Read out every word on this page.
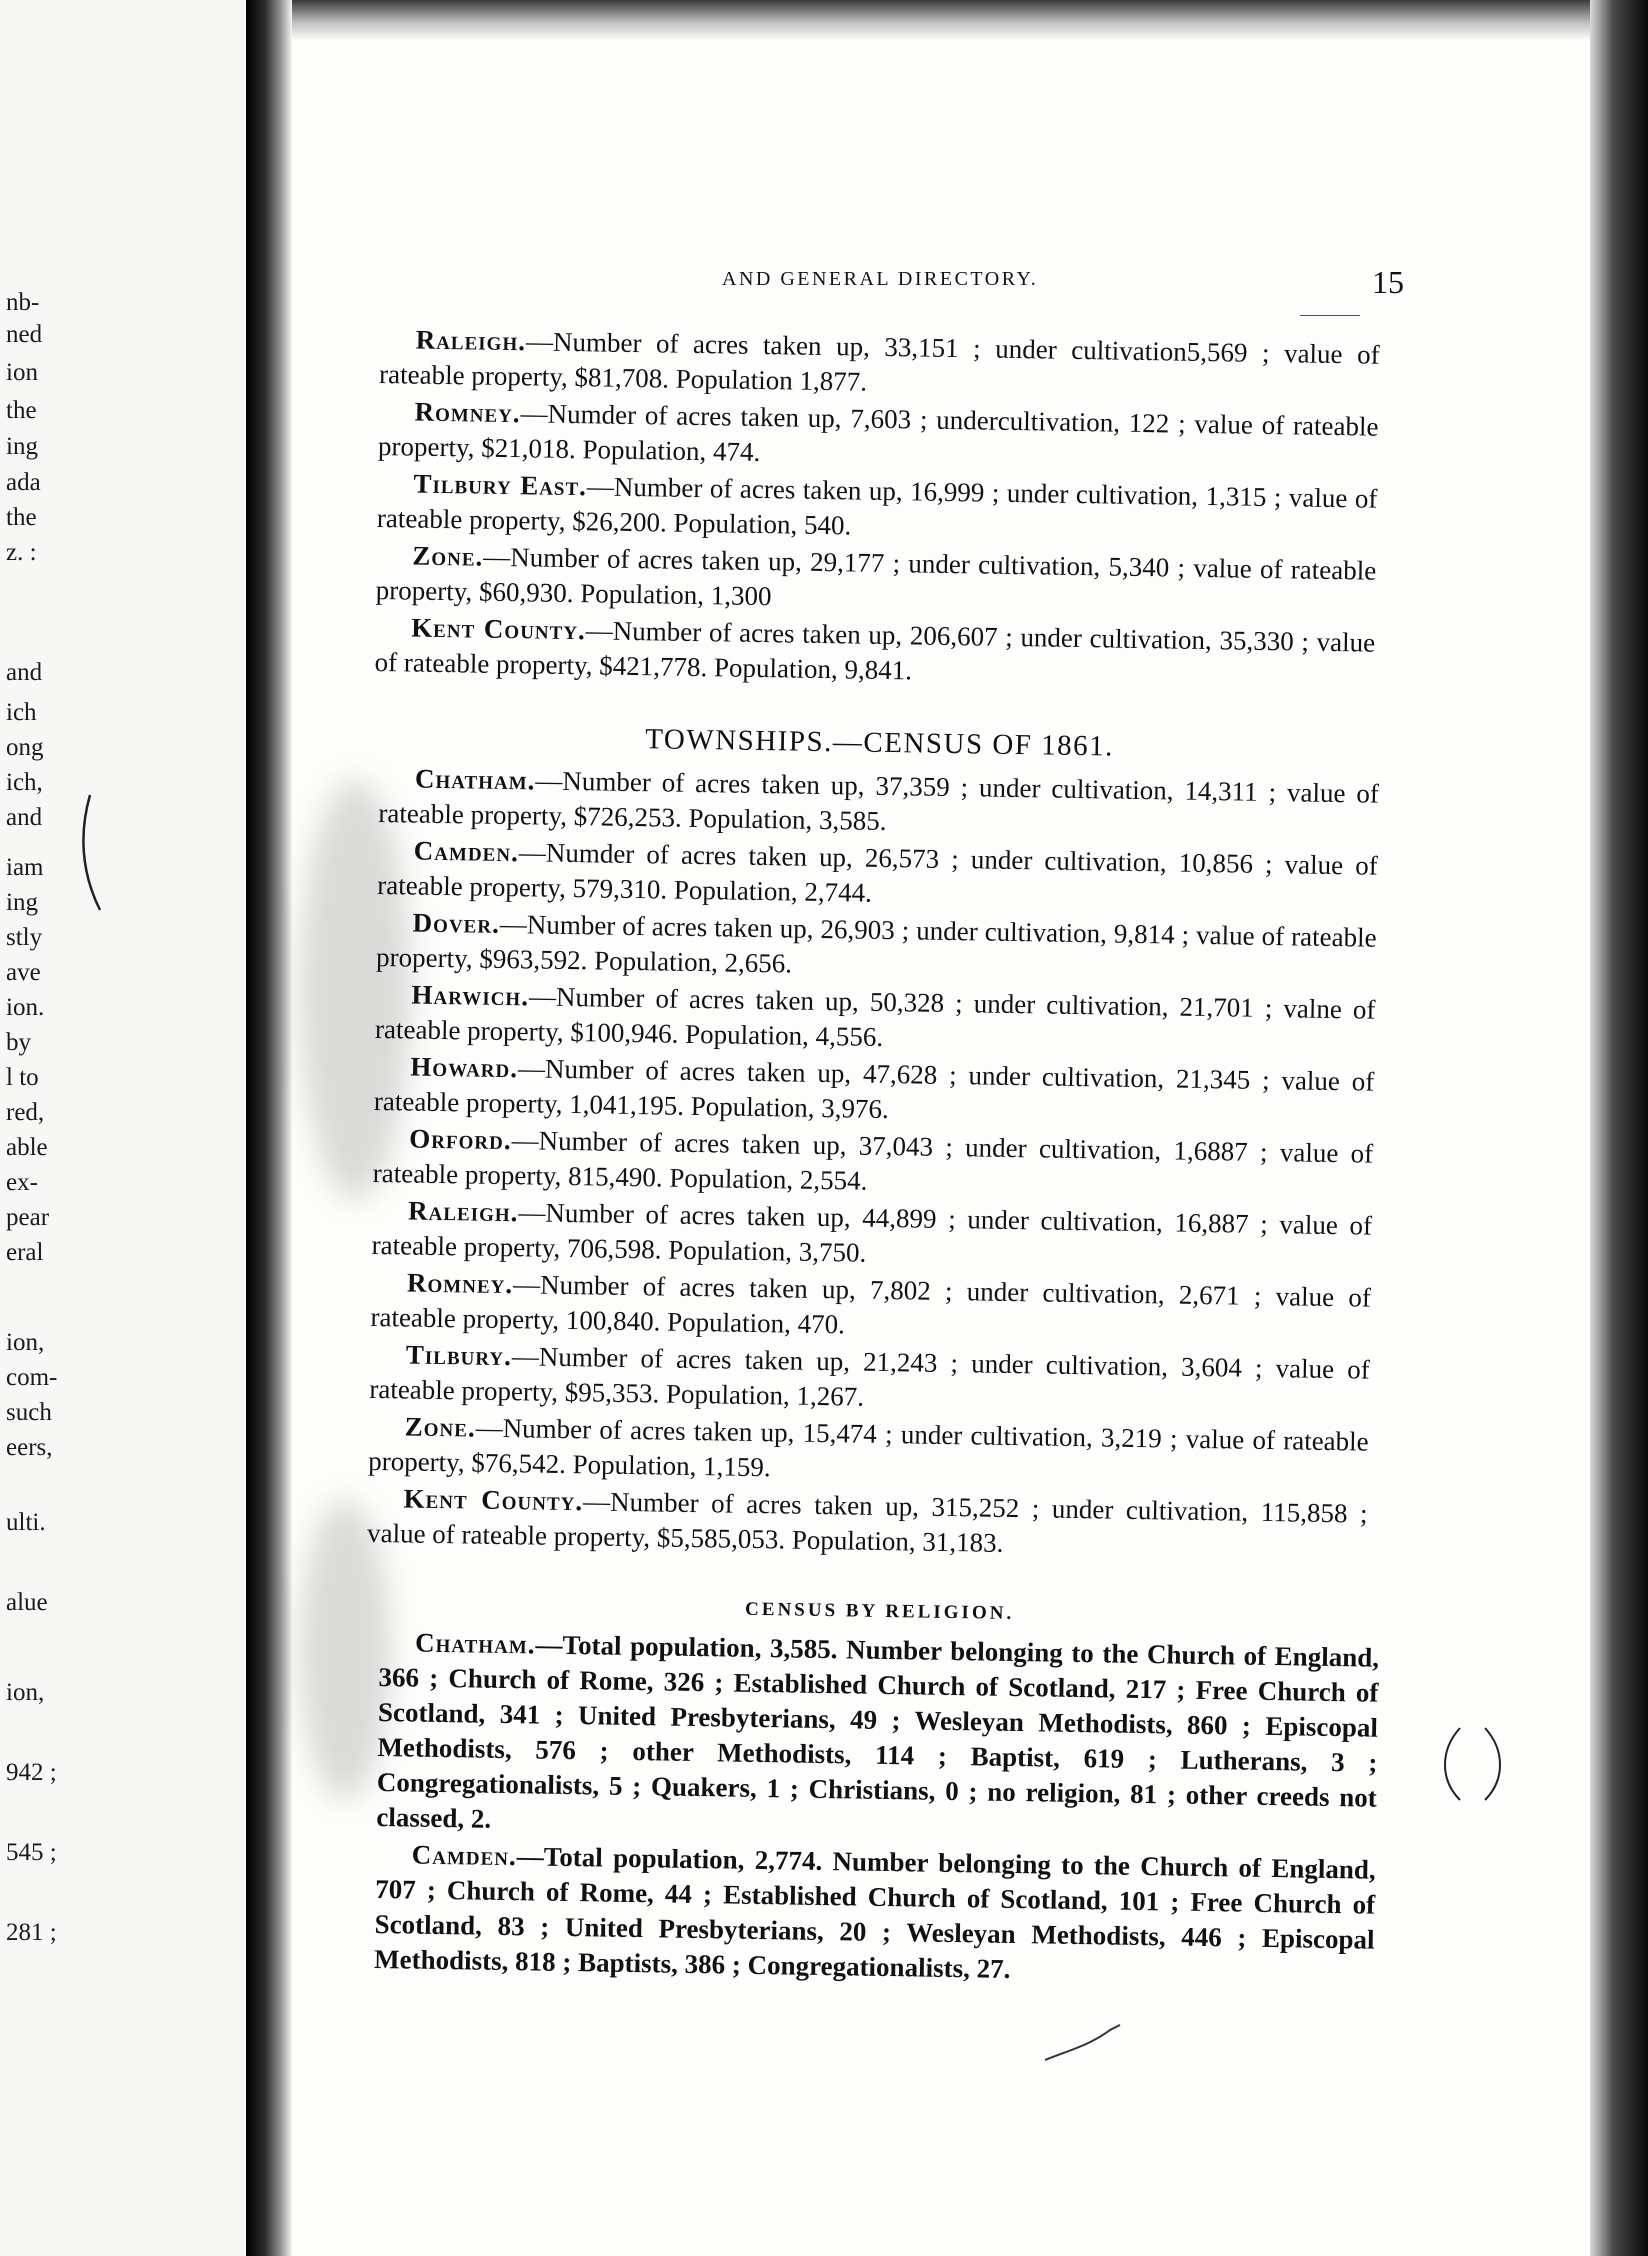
nb-
ned
ion
the
ing
ada
the
z. :
and
ich
ong
ich,
and
iam
ing
stly
ave
ion.
by
l to
red,
able
ex-
pear
eral
ion,
com-
such
eers,
ulti.
alue
ion,
942 ;
545 ;
281 ;
AND GENERAL DIRECTORY.	15

Raleigh.—Number of acres taken up, 33,151 ; under cultivation5,569 ; value of rateable property, $81,708. Population 1,877.

Romney.—Numder of acres taken up, 7,603 ; undercultivation, 122 ; value of rateable property, $21,018. Population, 474.

Tilbury East.—Number of acres taken up, 16,999 ; under cultivation, 1,315 ; value of rateable property, $26,200. Population, 540.

Zone.—Number of acres taken up, 29,177 ; under cultivation, 5,340 ; value of rateable property, $60,930. Population, 1,300

Kent County.—Number of acres taken up, 206,607 ; under cultivation, 35,330 ; value of rateable property, $421,778. Population, 9,841.

TOWNSHIPS.—CENSUS OF 1861.

Chatham.—Number of acres taken up, 37,359 ; under cultivation, 14,311 ; value of rateable property, $726,253. Population, 3,585.

Camden.—Numder of acres taken up, 26,573 ; under cultivation, 10,856 ; value of rateable property, 579,310. Population, 2,744.

Dover.—Number of acres taken up, 26,903 ; under cultivation, 9,814 ; value of rateable property, $963,592. Population, 2,656.

Harwich.—Number of acres taken up, 50,328 ; under cultivation, 21,701 ; valne of rateable property, $100,946. Population, 4,556.

Howard.—Number of acres taken up, 47,628 ; under cultivation, 21,345 ; value of rateable property, 1,041,195. Population, 3,976.

Orford.—Number of acres taken up, 37,043 ; under cultivation, 1,6887 ; value of rateable property, 815,490. Population, 2,554.

Raleigh.—Number of acres taken up, 44,899 ; under cultivation, 16,887 ; value of rateable property, 706,598. Population, 3,750.

Romney.—Number of acres taken up, 7,802 ; under cultivation, 2,671 ; value of rateable property, 100,840. Population, 470.

Tilbury.—Number of acres taken up, 21,243 ; under cultivation, 3,604 ; value of rateable property, $95,353. Population, 1,267.

Zone.—Number of acres taken up, 15,474 ; under cultivation, 3,219 ; value of rateable property, $76,542. Population, 1,159.

Kent County.—Number of acres taken up, 315,252 ; under cultivation, 115,858 ; value of rateable property, $5,585,053. Population, 31,183.

CENSUS BY RELIGION.

Chatham.—Total population, 3,585. Number belonging to the Church of England, 366 ; Church of Rome, 326 ; Established Church of Scotland, 217 ; Free Church of Scotland, 341 ; United Presbyterians, 49 ; Wesleyan Methodists, 860 ; Episcopal Methodists, 576 ; other Methodists, 114 ; Baptist, 619 ; Lutherans, 3 ; Congregationalists, 5 ; Quakers, 1 ; Christians, 0 ; no religion, 81 ; other creeds not classed, 2.

Camden.—Total population, 2,774. Number belonging to the Church of England, 707 ; Church of Rome, 44 ; Established Church of Scotland, 101 ; Free Church of Scotland, 83 ; United Presbyterians, 20 ; Wesleyan Methodists, 446 ; Episcopal Methodists, 818 ; Baptists, 386 ; Congregationalists, 27.
